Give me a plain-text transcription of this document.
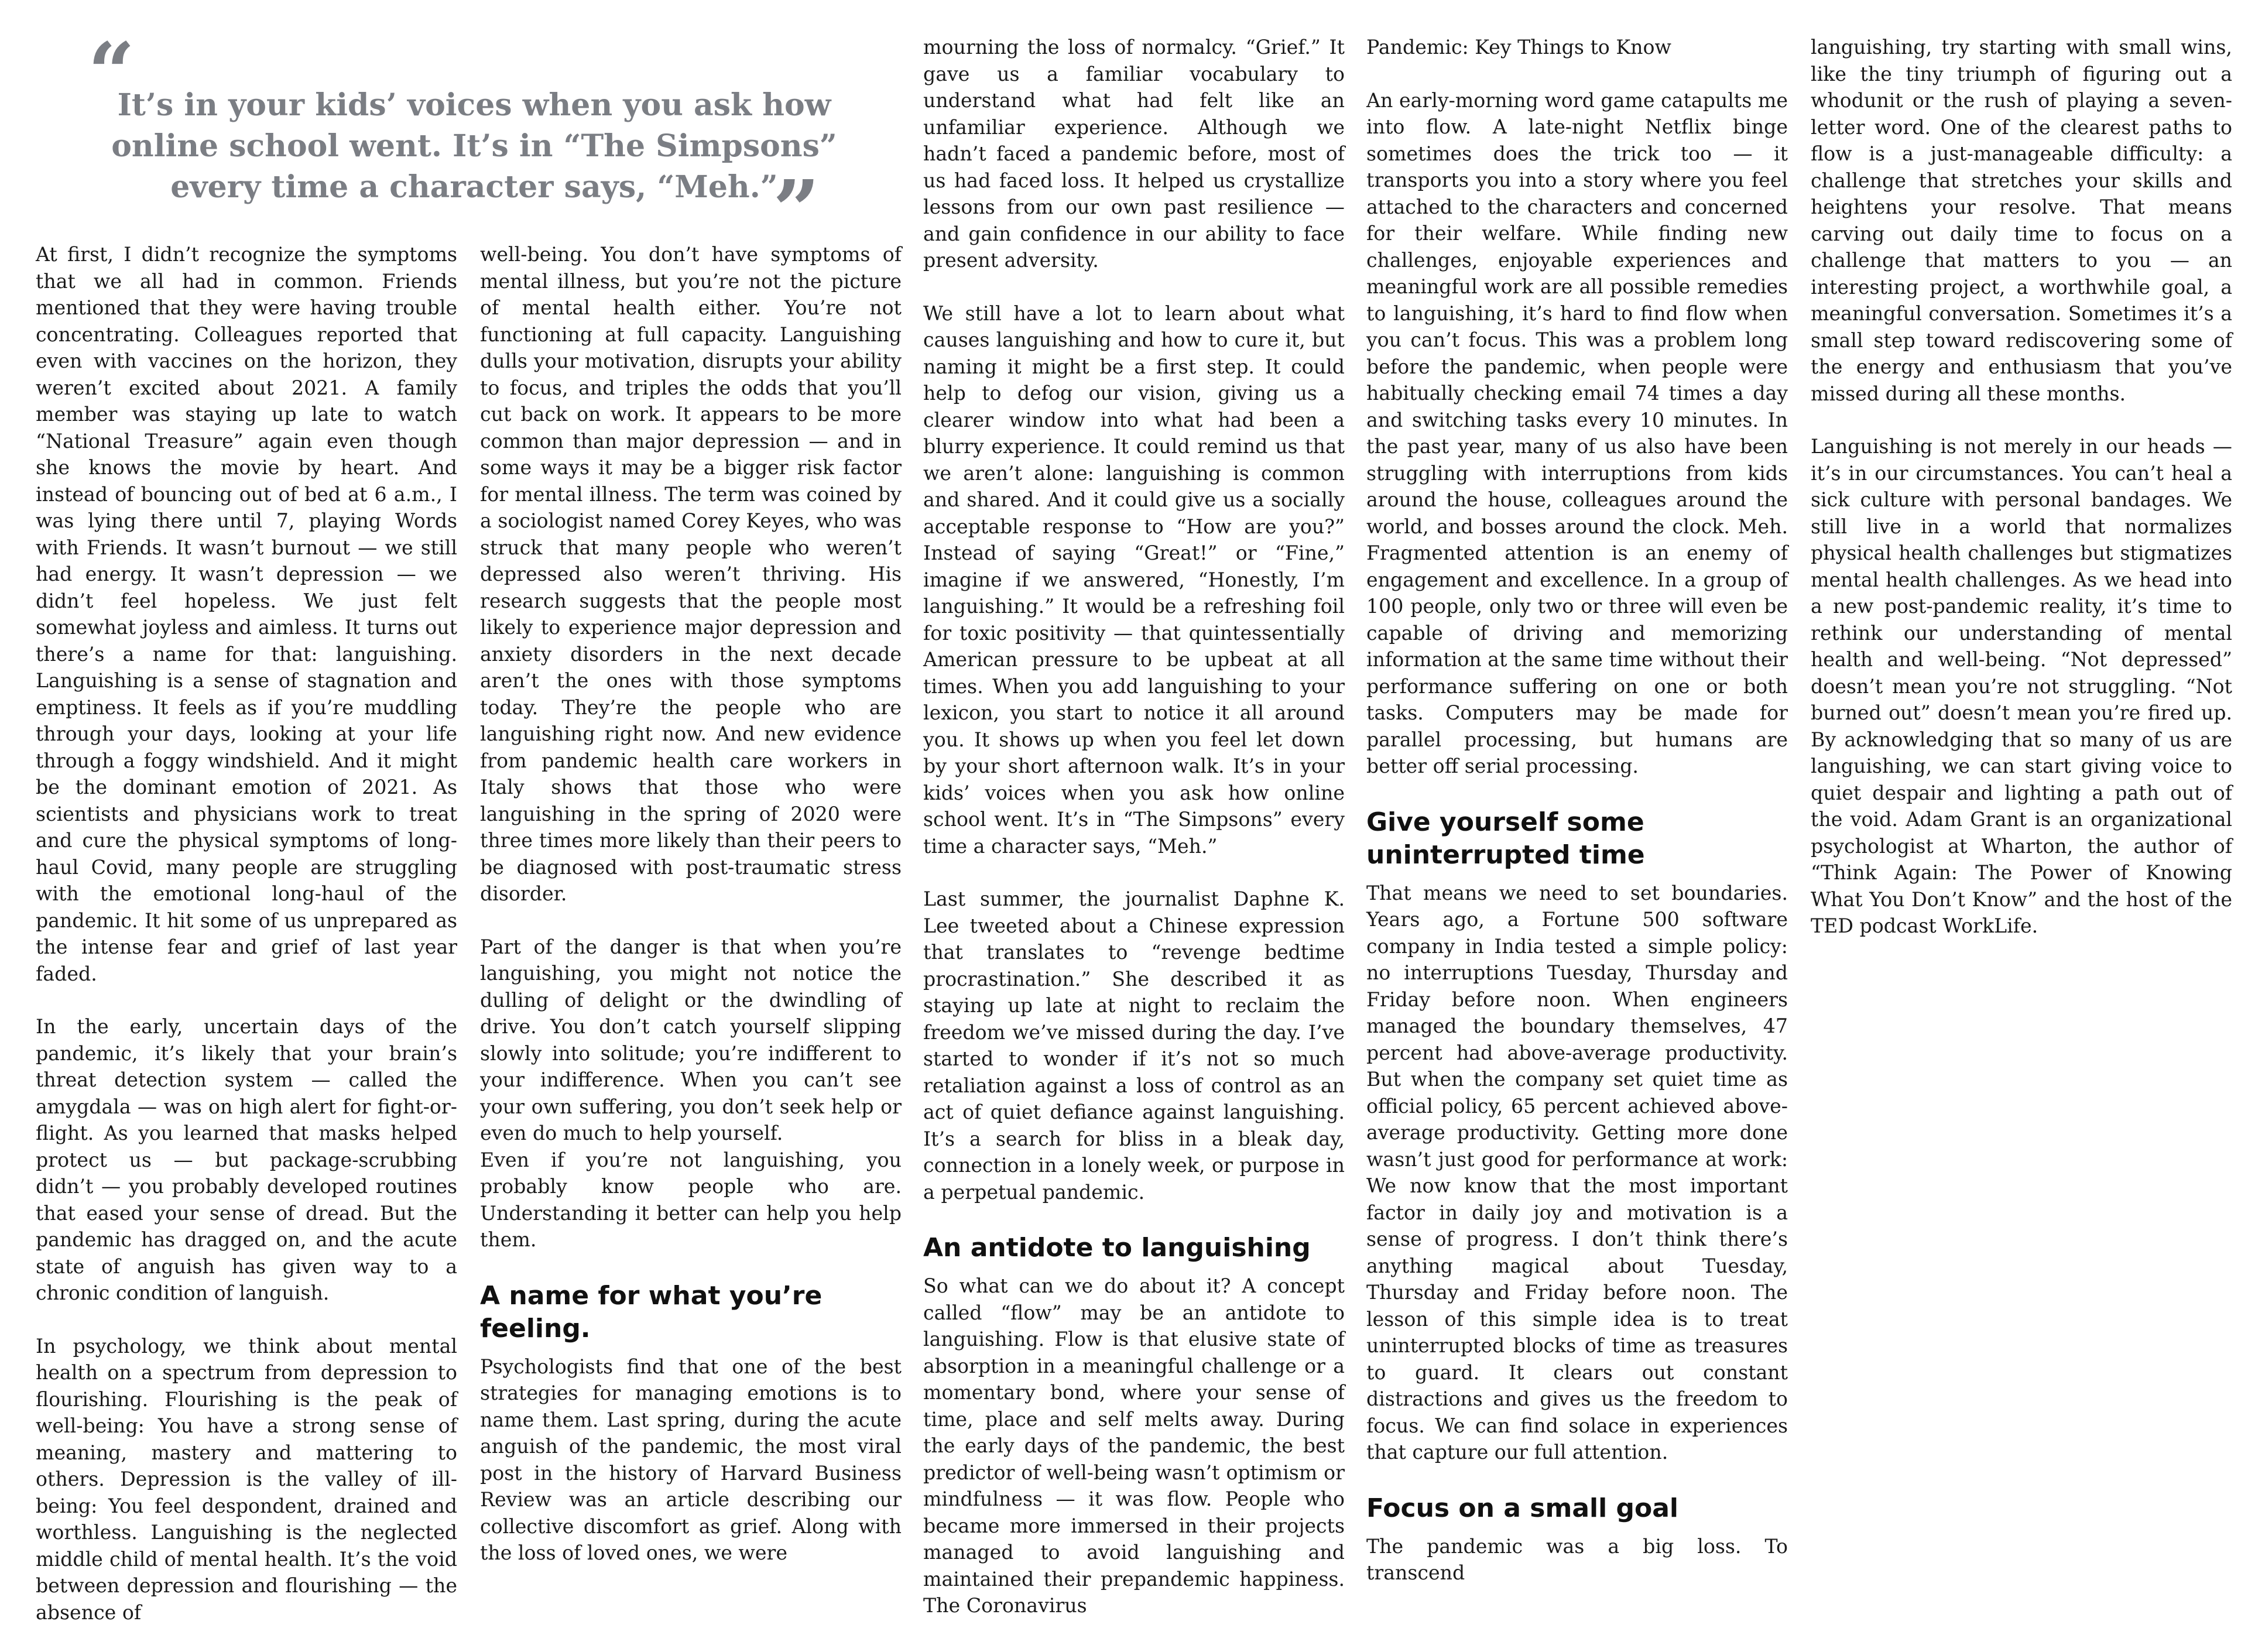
“

It’s in your kids’ voices when you ask how online school went. It’s in “The Simpsons” every time a character says, “Meh.”

”

At first, I didn’t recognize the symptoms that we all had in common. Friends mentioned that they were having trouble concentrating. Colleagues reported that even with vaccines on the horizon, they weren’t excited about 2021. A family member was staying up late to watch “National Treasure” again even though she knows the movie by heart. And instead of bouncing out of bed at 6 a.m., I was lying there until 7, playing Words with Friends. It wasn’t burnout — we still had energy. It wasn’t depression — we didn’t feel hopeless. We just felt somewhat joyless and aimless. It turns out there’s a name for that: languishing. Languishing is a sense of stagnation and emptiness. It feels as if you’re muddling through your days, looking at your life through a foggy windshield. And it might be the dominant emotion of 2021. As scientists and physicians work to treat and cure the physical symptoms of long-haul Covid, many people are struggling with the emotional long-haul of the pandemic. It hit some of us unprepared as the intense fear and grief of last year faded.

In the early, uncertain days of the pandemic, it’s likely that your brain’s threat detection system — called the amygdala — was on high alert for fight-or-flight. As you learned that masks helped protect us — but package-scrubbing didn’t — you probably developed routines that eased your sense of dread. But the pandemic has dragged on, and the acute state of anguish has given way to a chronic condition of languish.

In psychology, we think about mental health on a spectrum from depression to flourishing. Flourishing is the peak of well-being: You have a strong sense of meaning, mastery and mattering to others. Depression is the valley of ill-being: You feel despondent, drained and worthless. Languishing is the neglected middle child of mental health. It’s the void between depression and flourishing — the absence of

well-being. You don’t have symptoms of mental illness, but you’re not the picture of mental health either. You’re not functioning at full capacity. Languishing dulls your motivation, disrupts your ability to focus, and triples the odds that you’ll cut back on work. It appears to be more common than major depression — and in some ways it may be a bigger risk factor for mental illness. The term was coined by a sociologist named Corey Keyes, who was struck that many people who weren’t depressed also weren’t thriving. His research suggests that the people most likely to experience major depression and anxiety disorders in the next decade aren’t the ones with those symptoms today. They’re the people who are languishing right now. And new evidence from pandemic health care workers in Italy shows that those who were languishing in the spring of 2020 were three times more likely than their peers to be diagnosed with post-traumatic stress disorder.

Part of the danger is that when you’re languishing, you might not notice the dulling of delight or the dwindling of drive. You don’t catch yourself slipping slowly into solitude; you’re indifferent to your indifference. When you can’t see your own suffering, you don’t seek help or even do much to help yourself.

Even if you’re not languishing, you probably know people who are. Understanding it better can help you help them.

A name for what you’re feeling.

Psychologists find that one of the best strategies for managing emotions is to name them. Last spring, during the acute anguish of the pandemic, the most viral post in the history of Harvard Business Review was an article describing our collective discomfort as grief. Along with the loss of loved ones, we were

mourning the loss of normalcy. “Grief.” It gave us a familiar vocabulary to understand what had felt like an unfamiliar experience. Although we hadn’t faced a pandemic before, most of us had faced loss. It helped us crystallize lessons from our own past resilience — and gain confidence in our ability to face present adversity.

We still have a lot to learn about what causes languishing and how to cure it, but naming it might be a first step. It could help to defog our vision, giving us a clearer window into what had been a blurry experience. It could remind us that we aren’t alone: languishing is common and shared. And it could give us a socially acceptable response to “How are you?” Instead of saying “Great!” or “Fine,” imagine if we answered, “Honestly, I’m languishing.” It would be a refreshing foil for toxic positivity — that quintessentially American pressure to be upbeat at all times. When you add languishing to your lexicon, you start to notice it all around you. It shows up when you feel let down by your short afternoon walk. It’s in your kids’ voices when you ask how online school went. It’s in “The Simpsons” every time a character says, “Meh.”

Last summer, the journalist Daphne K. Lee tweeted about a Chinese expression that translates to “revenge bedtime procrastination.” She described it as staying up late at night to reclaim the freedom we’ve missed during the day. I’ve started to wonder if it’s not so much retaliation against a loss of control as an act of quiet defiance against languishing. It’s a search for bliss in a bleak day, connection in a lonely week, or purpose in a perpetual pandemic.

An antidote to languishing

So what can we do about it? A concept called “flow” may be an antidote to languishing. Flow is that elusive state of absorption in a meaningful challenge or a momentary bond, where your sense of time, place and self melts away. During the early days of the pandemic, the best predictor of well-being wasn’t optimism or mindfulness — it was flow. People who became more immersed in their projects managed to avoid languishing and maintained their prepandemic happiness. The Coronavirus

Pandemic: Key Things to Know

An early-morning word game catapults me into flow. A late-night Netflix binge sometimes does the trick too — it transports you into a story where you feel attached to the characters and concerned for their welfare. While finding new challenges, enjoyable experiences and meaningful work are all possible remedies to languishing, it’s hard to find flow when you can’t focus. This was a problem long before the pandemic, when people were habitually checking email 74 times a day and switching tasks every 10 minutes. In the past year, many of us also have been struggling with interruptions from kids around the house, colleagues around the world, and bosses around the clock. Meh. Fragmented attention is an enemy of engagement and excellence. In a group of 100 people, only two or three will even be capable of driving and memorizing information at the same time without their performance suffering on one or both tasks. Computers may be made for parallel processing, but humans are better off serial processing.

Give yourself some uninterrupted time

That means we need to set boundaries. Years ago, a Fortune 500 software company in India tested a simple policy: no interruptions Tuesday, Thursday and Friday before noon. When engineers managed the boundary themselves, 47 percent had above-average productivity. But when the company set quiet time as official policy, 65 percent achieved above-average productivity. Getting more done wasn’t just good for performance at work: We now know that the most important factor in daily joy and motivation is a sense of progress. I don’t think there’s anything magical about Tuesday, Thursday and Friday before noon. The lesson of this simple idea is to treat uninterrupted blocks of time as treasures to guard. It clears out constant distractions and gives us the freedom to focus. We can find solace in experiences that capture our full attention.

Focus on a small goal

The pandemic was a big loss. To transcend

languishing, try starting with small wins, like the tiny triumph of figuring out a whodunit or the rush of playing a seven-letter word. One of the clearest paths to flow is a just-manageable difficulty: a challenge that stretches your skills and heightens your resolve. That means carving out daily time to focus on a challenge that matters to you — an interesting project, a worthwhile goal, a meaningful conversation. Sometimes it’s a small step toward rediscovering some of the energy and enthusiasm that you’ve missed during all these months.

Languishing is not merely in our heads — it’s in our circumstances. You can’t heal a sick culture with personal bandages. We still live in a world that normalizes physical health challenges but stigmatizes mental health challenges. As we head into a new post-pandemic reality, it’s time to rethink our understanding of mental health and well-being. “Not depressed” doesn’t mean you’re not struggling. “Not burned out” doesn’t mean you’re fired up. By acknowledging that so many of us are languishing, we can start giving voice to quiet despair and lighting a path out of the void. Adam Grant is an organizational psychologist at Wharton, the author of “Think Again: The Power of Knowing What You Don’t Know” and the host of the TED podcast WorkLife.
